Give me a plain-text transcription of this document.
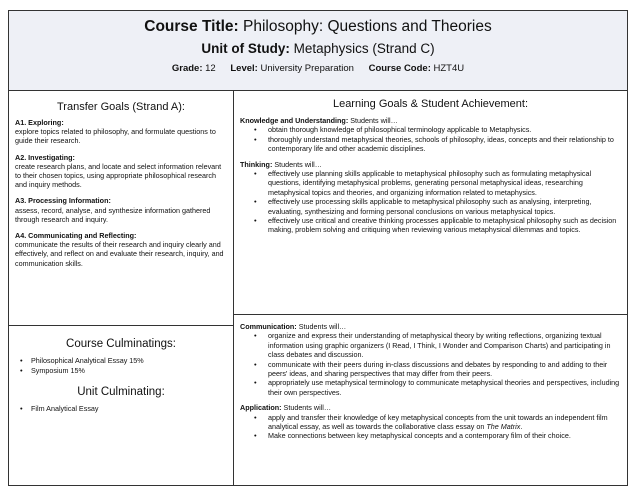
Course Title: Philosophy: Questions and Theories
Unit of Study: Metaphysics (Strand C)
Grade: 12 Level: University Preparation Course Code: HZT4U
Transfer Goals (Strand A):
A1. Exploring:
explore topics related to philosophy, and formulate questions to guide their research.
A2. Investigating:
create research plans, and locate and select information relevant to their chosen topics, using appropriate philosophical research and inquiry methods.
A3. Processing Information:
assess, record, analyse, and synthesize information gathered through research and inquiry.
A4. Communicating and Reflecting:
communicate the results of their research and inquiry clearly and effectively, and reflect on and evaluate their research, inquiry, and communication skills.
Course Culminatings:
• Philosophical Analytical Essay 15%
• Symposium 15%
Unit Culminating:
• Film Analytical Essay
Learning Goals & Student Achievement:
Knowledge and Understanding: Students will…
• obtain thorough knowledge of philosophical terminology applicable to Metaphysics.
• thoroughly understand metaphysical theories, schools of philosophy, ideas, concepts and their relationship to contemporary life and other academic disciplines.
Thinking: Students will…
• effectively use planning skills applicable to metaphysical philosophy such as formulating metaphysical questions, identifying metaphysical problems, generating personal metaphysical ideas, researching metaphysical topics and theories, and organizing information related to metaphysics.
• effectively use processing skills applicable to metaphysical philosophy such as analysing, interpreting, evaluating, synthesizing and forming personal conclusions on various metaphysical topics.
• effectively use critical and creative thinking processes applicable to metaphysical philosophy such as decision making, problem solving and critiquing when reviewing various metaphysical dilemmas and topics.
Communication: Students will…
• organize and express their understanding of metaphysical theory by writing reflections, organizing textual information using graphic organizers (I Read, I Think, I Wonder and Comparison Charts) and participating in class debates and discussion.
• communicate with their peers during in-class discussions and debates by responding to and adding to their peers' ideas, and sharing perspectives that may differ from their peers.
• appropriately use metaphysical terminology to communicate metaphysical theories and perspectives, including their own perspectives.
Application: Students will…
• apply and transfer their knowledge of key metaphysical concepts from the unit towards an independent film analytical essay, as well as towards the collaborative class essay on The Matrix.
• Make connections between key metaphysical concepts and a contemporary film of their choice.
